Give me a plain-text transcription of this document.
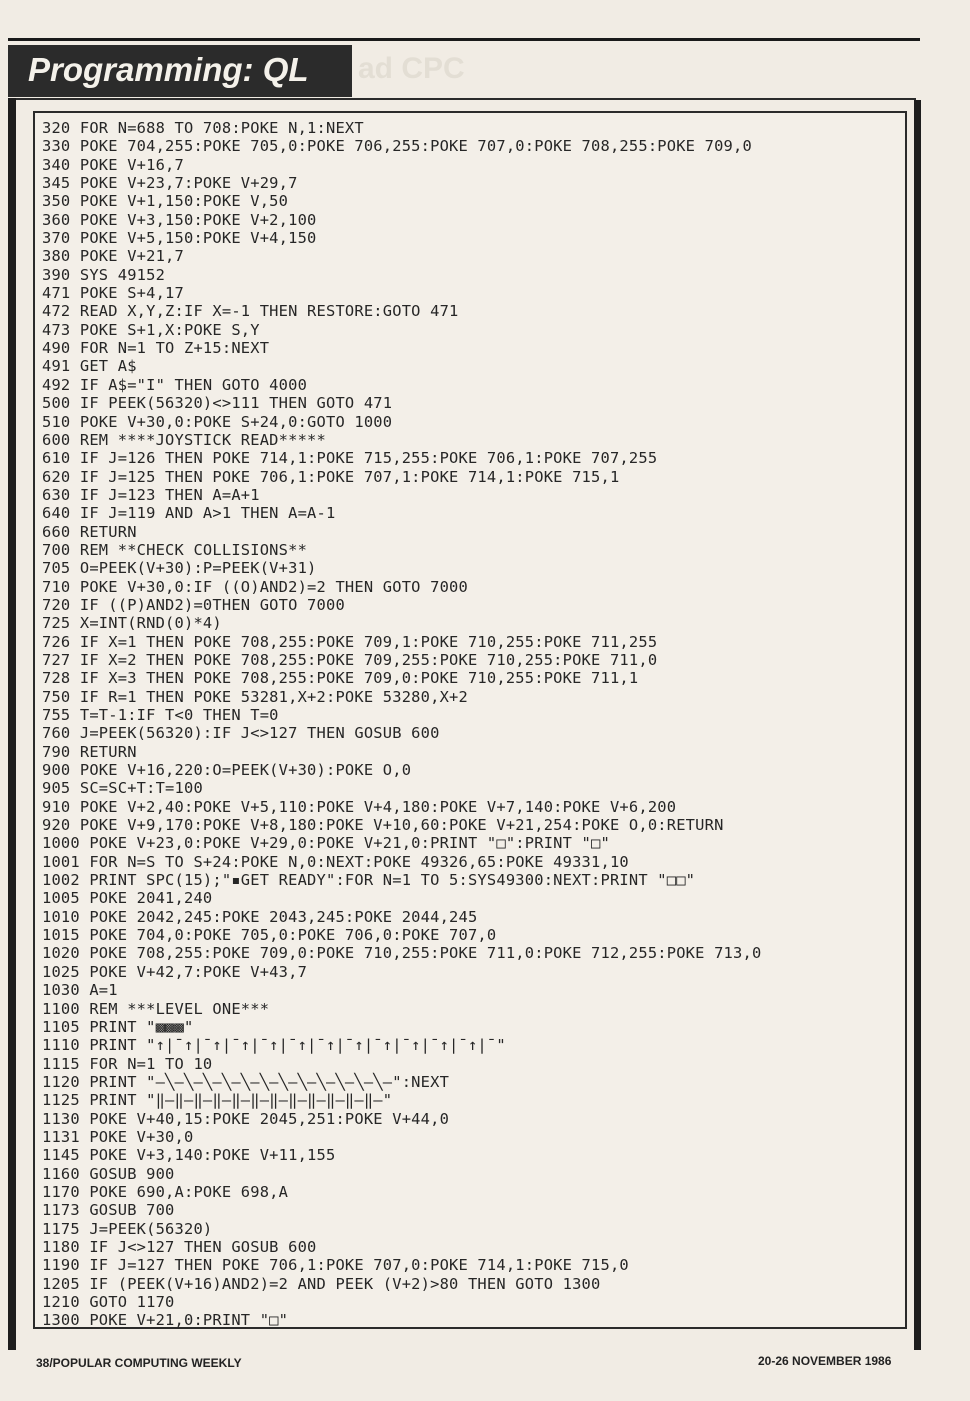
Programming: QL ad CPC
320 FOR N=688 TO 708:POKE N,1:NEXT
330 POKE 704,255:POKE 705,0:POKE 706,255:POKE 707,0:POKE 708,255:POKE 709,0
340 POKE V+16,7
345 POKE V+23,7:POKE V+29,7
350 POKE V+1,150:POKE V,50
360 POKE V+3,150:POKE V+2,100
370 POKE V+5,150:POKE V+4,150
380 POKE V+21,7
390 SYS 49152
471 POKE S+4,17
472 READ X,Y,Z:IF X=-1 THEN RESTORE:GOTO 471
473 POKE S+1,X:POKE S,Y
490 FOR N=1 TO Z+15:NEXT
491 GET A$
492 IF A$="I" THEN GOTO 4000
500 IF PEEK(56320)<>111 THEN GOTO 471
510 POKE V+30,0:POKE S+24,0:GOTO 1000
600 REM ****JOYSTICK READ*****
610 IF J=126 THEN POKE 714,1:POKE 715,255:POKE 706,1:POKE 707,255
620 IF J=125 THEN POKE 706,1:POKE 707,1:POKE 714,1:POKE 715,1
630 IF J=123 THEN A=A+1
640 IF J=119 AND A>1 THEN A=A-1
660 RETURN
700 REM **CHECK COLLISIONS**
705 O=PEEK(V+30):P=PEEK(V+31)
710 POKE V+30,0:IF ((O)AND2)=2 THEN GOTO 7000
720 IF ((P)AND2)=0THEN GOTO 7000
725 X=INT(RND(0)*4)
726 IF X=1 THEN POKE 708,255:POKE 709,1:POKE 710,255:POKE 711,255
727 IF X=2 THEN POKE 708,255:POKE 709,255:POKE 710,255:POKE 711,0
728 IF X=3 THEN POKE 708,255:POKE 709,0:POKE 710,255:POKE 711,1
750 IF R=1 THEN POKE 53281,X+2:POKE 53280,X+2
755 T=T-1:IF T<0 THEN T=0
760 J=PEEK(56320):IF J<>127 THEN GOSUB 600
790 RETURN
900 POKE V+16,220:O=PEEK(V+30):POKE O,0
905 SC=SC+T:T=100
910 POKE V+2,40:POKE V+5,110:POKE V+4,180:POKE V+7,140:POKE V+6,200
920 POKE V+9,170:POKE V+8,180:POKE V+10,60:POKE V+21,254:POKE O,0:RETURN
1000 POKE V+23,0:POKE V+29,0:POKE V+21,0:PRINT "□":PRINT "□"
1001 FOR N=S TO S+24:POKE N,0:NEXT:POKE 49326,65:POKE 49331,10
1002 PRINT SPC(15);"▪GET READY":FOR N=1 TO 5:SYS49300:NEXT:PRINT "□□"
1005 POKE 2041,240
1010 POKE 2042,245:POKE 2043,245:POKE 2044,245
1015 POKE 704,0:POKE 705,0:POKE 706,0:POKE 707,0
1020 POKE 708,255:POKE 709,0:POKE 710,255:POKE 711,0:POKE 712,255:POKE 713,0
1025 POKE V+42,7:POKE V+43,7
1030 A=1
1100 REM ***LEVEL ONE***
1105 PRINT "▩▩▩"
1110 PRINT "↑|¯↑|¯↑|¯↑|¯↑|¯↑|¯↑|¯↑|¯↑|¯↑|¯↑|¯↑|¯"
1115 FOR N=1 TO 10
1120 PRINT "–╲–╲–╲–╲–╲–╲–╲–╲–╲–╲–╲–╲–":NEXT
1125 PRINT "‖–‖–‖–‖–‖–‖–‖–‖–‖–‖–‖–‖–"
1130 POKE V+40,15:POKE 2045,251:POKE V+44,0
1131 POKE V+30,0
1145 POKE V+3,140:POKE V+11,155
1160 GOSUB 900
1170 POKE 690,A:POKE 698,A
1173 GOSUB 700
1175 J=PEEK(56320)
1180 IF J<>127 THEN GOSUB 600
1190 IF J=127 THEN POKE 706,1:POKE 707,0:POKE 714,1:POKE 715,0
1205 IF (PEEK(V+16)AND2)=2 AND PEEK (V+2)>80 THEN GOTO 1300
1210 GOTO 1170
1300 POKE V+21,0:PRINT "□"
38/POPULAR COMPUTING WEEKLY	20-26 NOVEMBER 1986
